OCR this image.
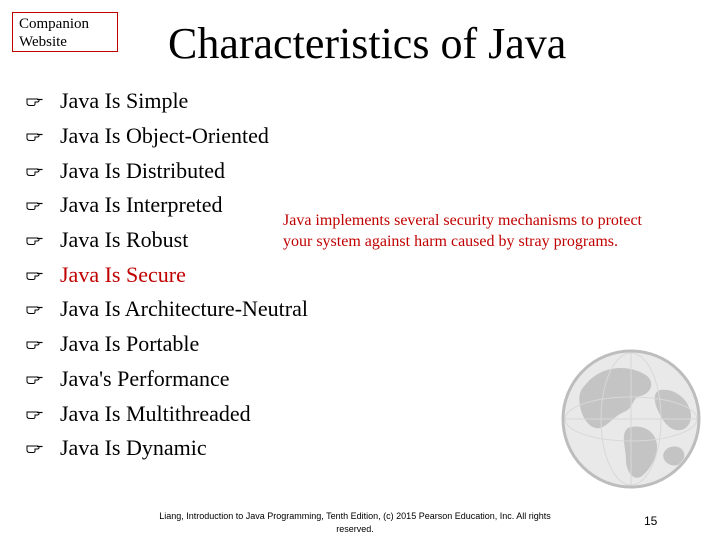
Companion
Website	Characteristics of Java
Java Is Simple
Java Is Object-Oriented
Java Is Distributed
Java Is Interpreted
Java Is Robust
Java Is Secure
Java Is Architecture-Neutral
Java Is Portable
Java's Performance
Java Is Multithreaded
Java Is Dynamic
Java implements several security mechanisms to protect your system against harm caused by stray programs.
Liang, Introduction to Java Programming, Tenth Edition, (c) 2015 Pearson Education, Inc. All rights reserved.
15
